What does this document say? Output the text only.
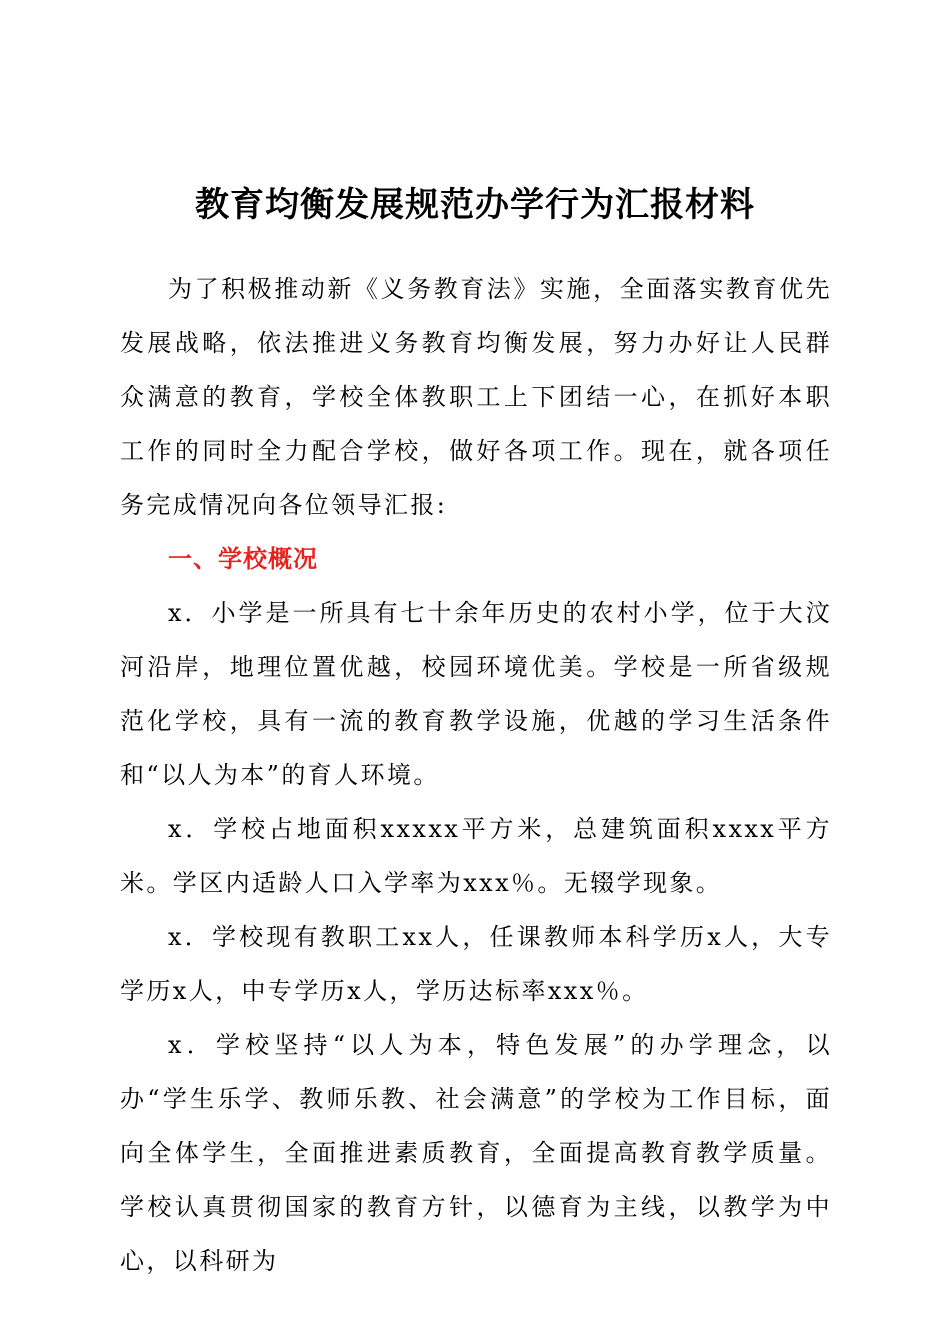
教育均衡发展规范办学行为汇报材料

为了积极推动新《义务教育法》实施，全面落实教育优先发展战略，依法推进义务教育均衡发展，努力办好让人民群众满意的教育，学校全体教职工上下团结一心，在抓好本职工作的同时全力配合学校，做好各项工作。现在，就各项任务完成情况向各位领导汇报:

一、学校概况

x．小学是一所具有七十余年历史的农村小学，位于大汶河沿岸，地理位置优越，校园环境优美。学校是一所省级规范化学校，具有一流的教育教学设施，优越的学习生活条件和“以人为本”的育人环境。

x．学校占地面积xxxxx平方米，总建筑面积xxxx平方米。学区内适龄人口入学率为xxx％。无辍学现象。

x．学校现有教职工xx人，任课教师本科学历x人，大专学历x人，中专学历x人，学历达标率xxx％。

x．学校坚持“以人为本，特色发展”的办学理念，以办“学生乐学、教师乐教、社会满意”的学校为工作目标，面向全体学生，全面推进素质教育，全面提高教育教学质量。学校认真贯彻国家的教育方针，以德育为主线，以教学为中心，以科研为
